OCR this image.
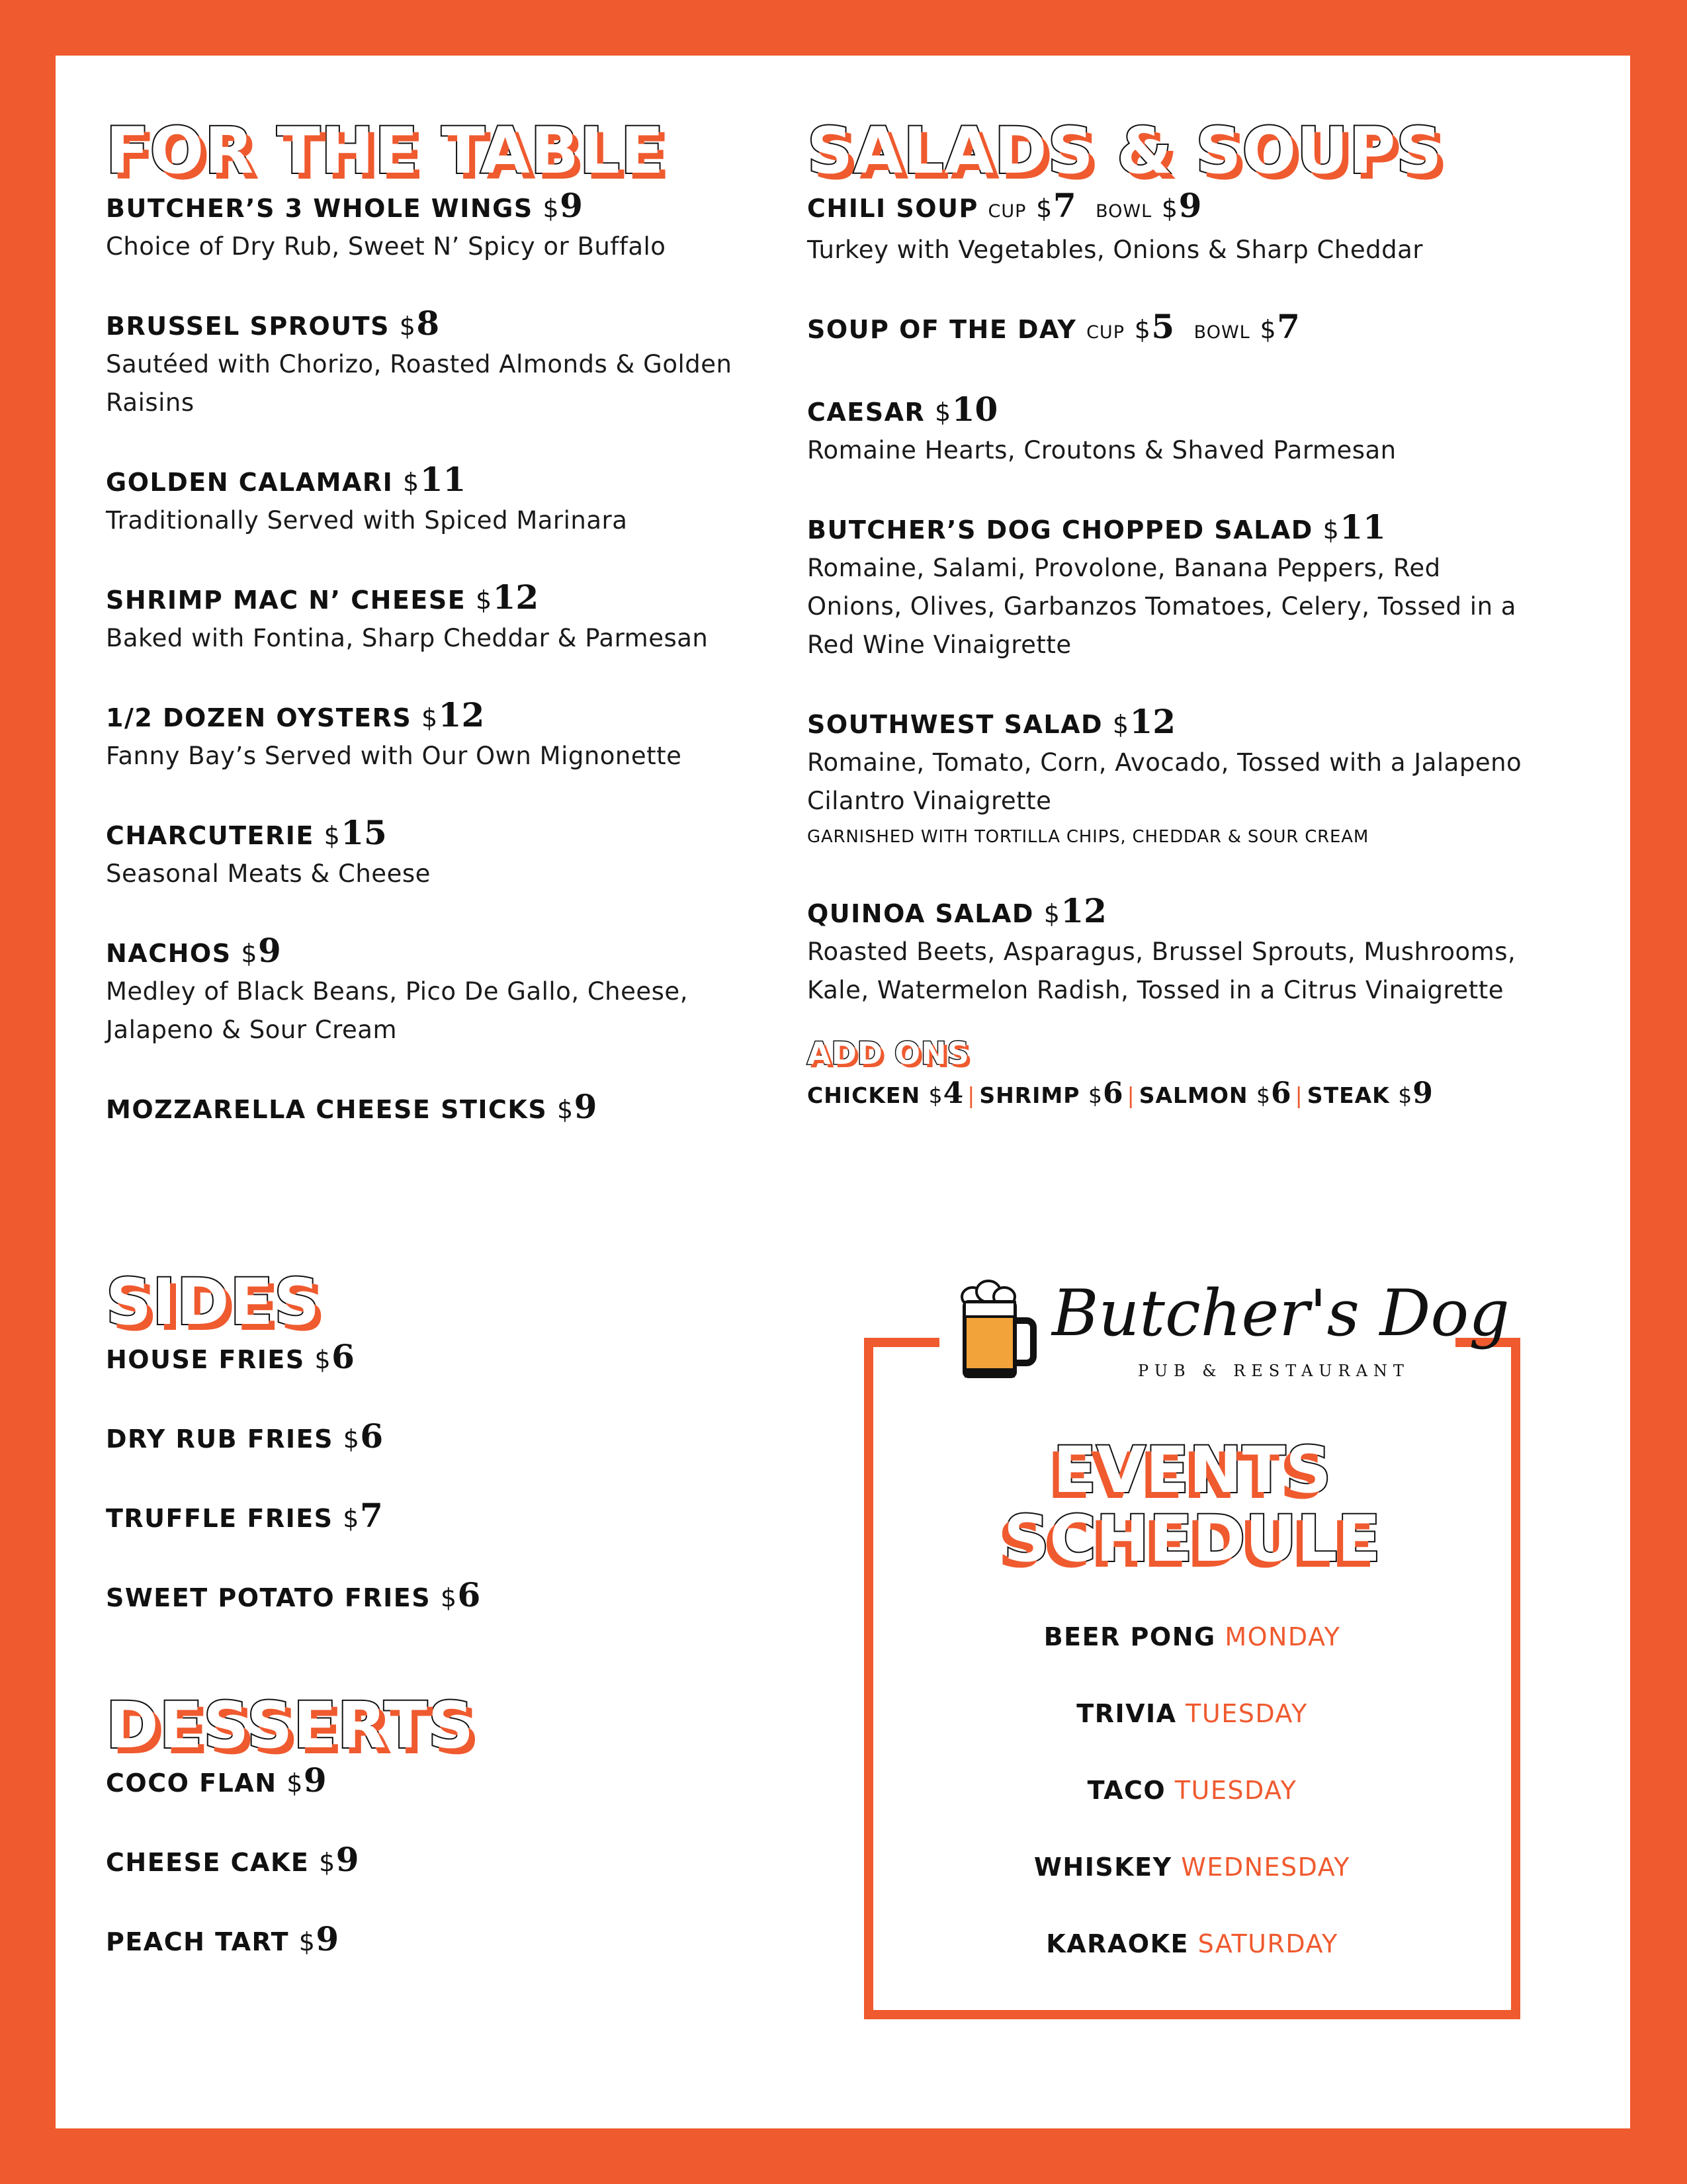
FOR THE TABLE
BUTCHER’S 3 WHOLE WINGS $9
Choice of Dry Rub, Sweet N’ Spicy or Buffalo
BRUSSEL SPROUTS $8
Sautéed with Chorizo, Roasted Almonds & Golden Raisins
GOLDEN CALAMARI $11
Traditionally Served with Spiced Marinara
SHRIMP MAC N’ CHEESE $12
Baked with Fontina, Sharp Cheddar & Parmesan
1/2 DOZEN OYSTERS $12
Fanny Bay’s Served with Our Own Mignonette
CHARCUTERIE $15
Seasonal Meats & Cheese
NACHOS $9
Medley of Black Beans, Pico De Gallo, Cheese, Jalapeno & Sour Cream
MOZZARELLA CHEESE STICKS $9
SALADS & SOUPS
CHILI SOUP CUP $7 BOWL $9
Turkey with Vegetables, Onions & Sharp Cheddar
SOUP OF THE DAY CUP $5 BOWL $7
CAESAR $10
Romaine Hearts, Croutons & Shaved Parmesan
BUTCHER’S DOG CHOPPED SALAD $11
Romaine, Salami, Provolone, Banana Peppers, Red Onions, Olives, Garbanzos Tomatoes, Celery, Tossed in a Red Wine Vinaigrette
SOUTHWEST SALAD $12
Romaine, Tomato, Corn, Avocado, Tossed with a Jalapeno Cilantro Vinaigrette
GARNISHED WITH TORTILLA CHIPS, CHEDDAR & SOUR CREAM
QUINOA SALAD $12
Roasted Beets, Asparagus, Brussel Sprouts, Mushrooms, Kale, Watermelon Radish, Tossed in a Citrus Vinaigrette
ADD ONS
CHICKEN $4 | SHRIMP $6 | SALMON $6 | STEAK $9
SIDES
HOUSE FRIES $6
DRY RUB FRIES $6
TRUFFLE FRIES $7
SWEET POTATO FRIES $6
DESSERTS
COCO FLAN $9
CHEESE CAKE $9
PEACH TART $9
Butcher's Dog
PUB & RESTAURANT
EVENTS
SCHEDULE
BEER PONG MONDAY
TRIVIA TUESDAY
TACO TUESDAY
WHISKEY WEDNESDAY
KARAOKE SATURDAY
